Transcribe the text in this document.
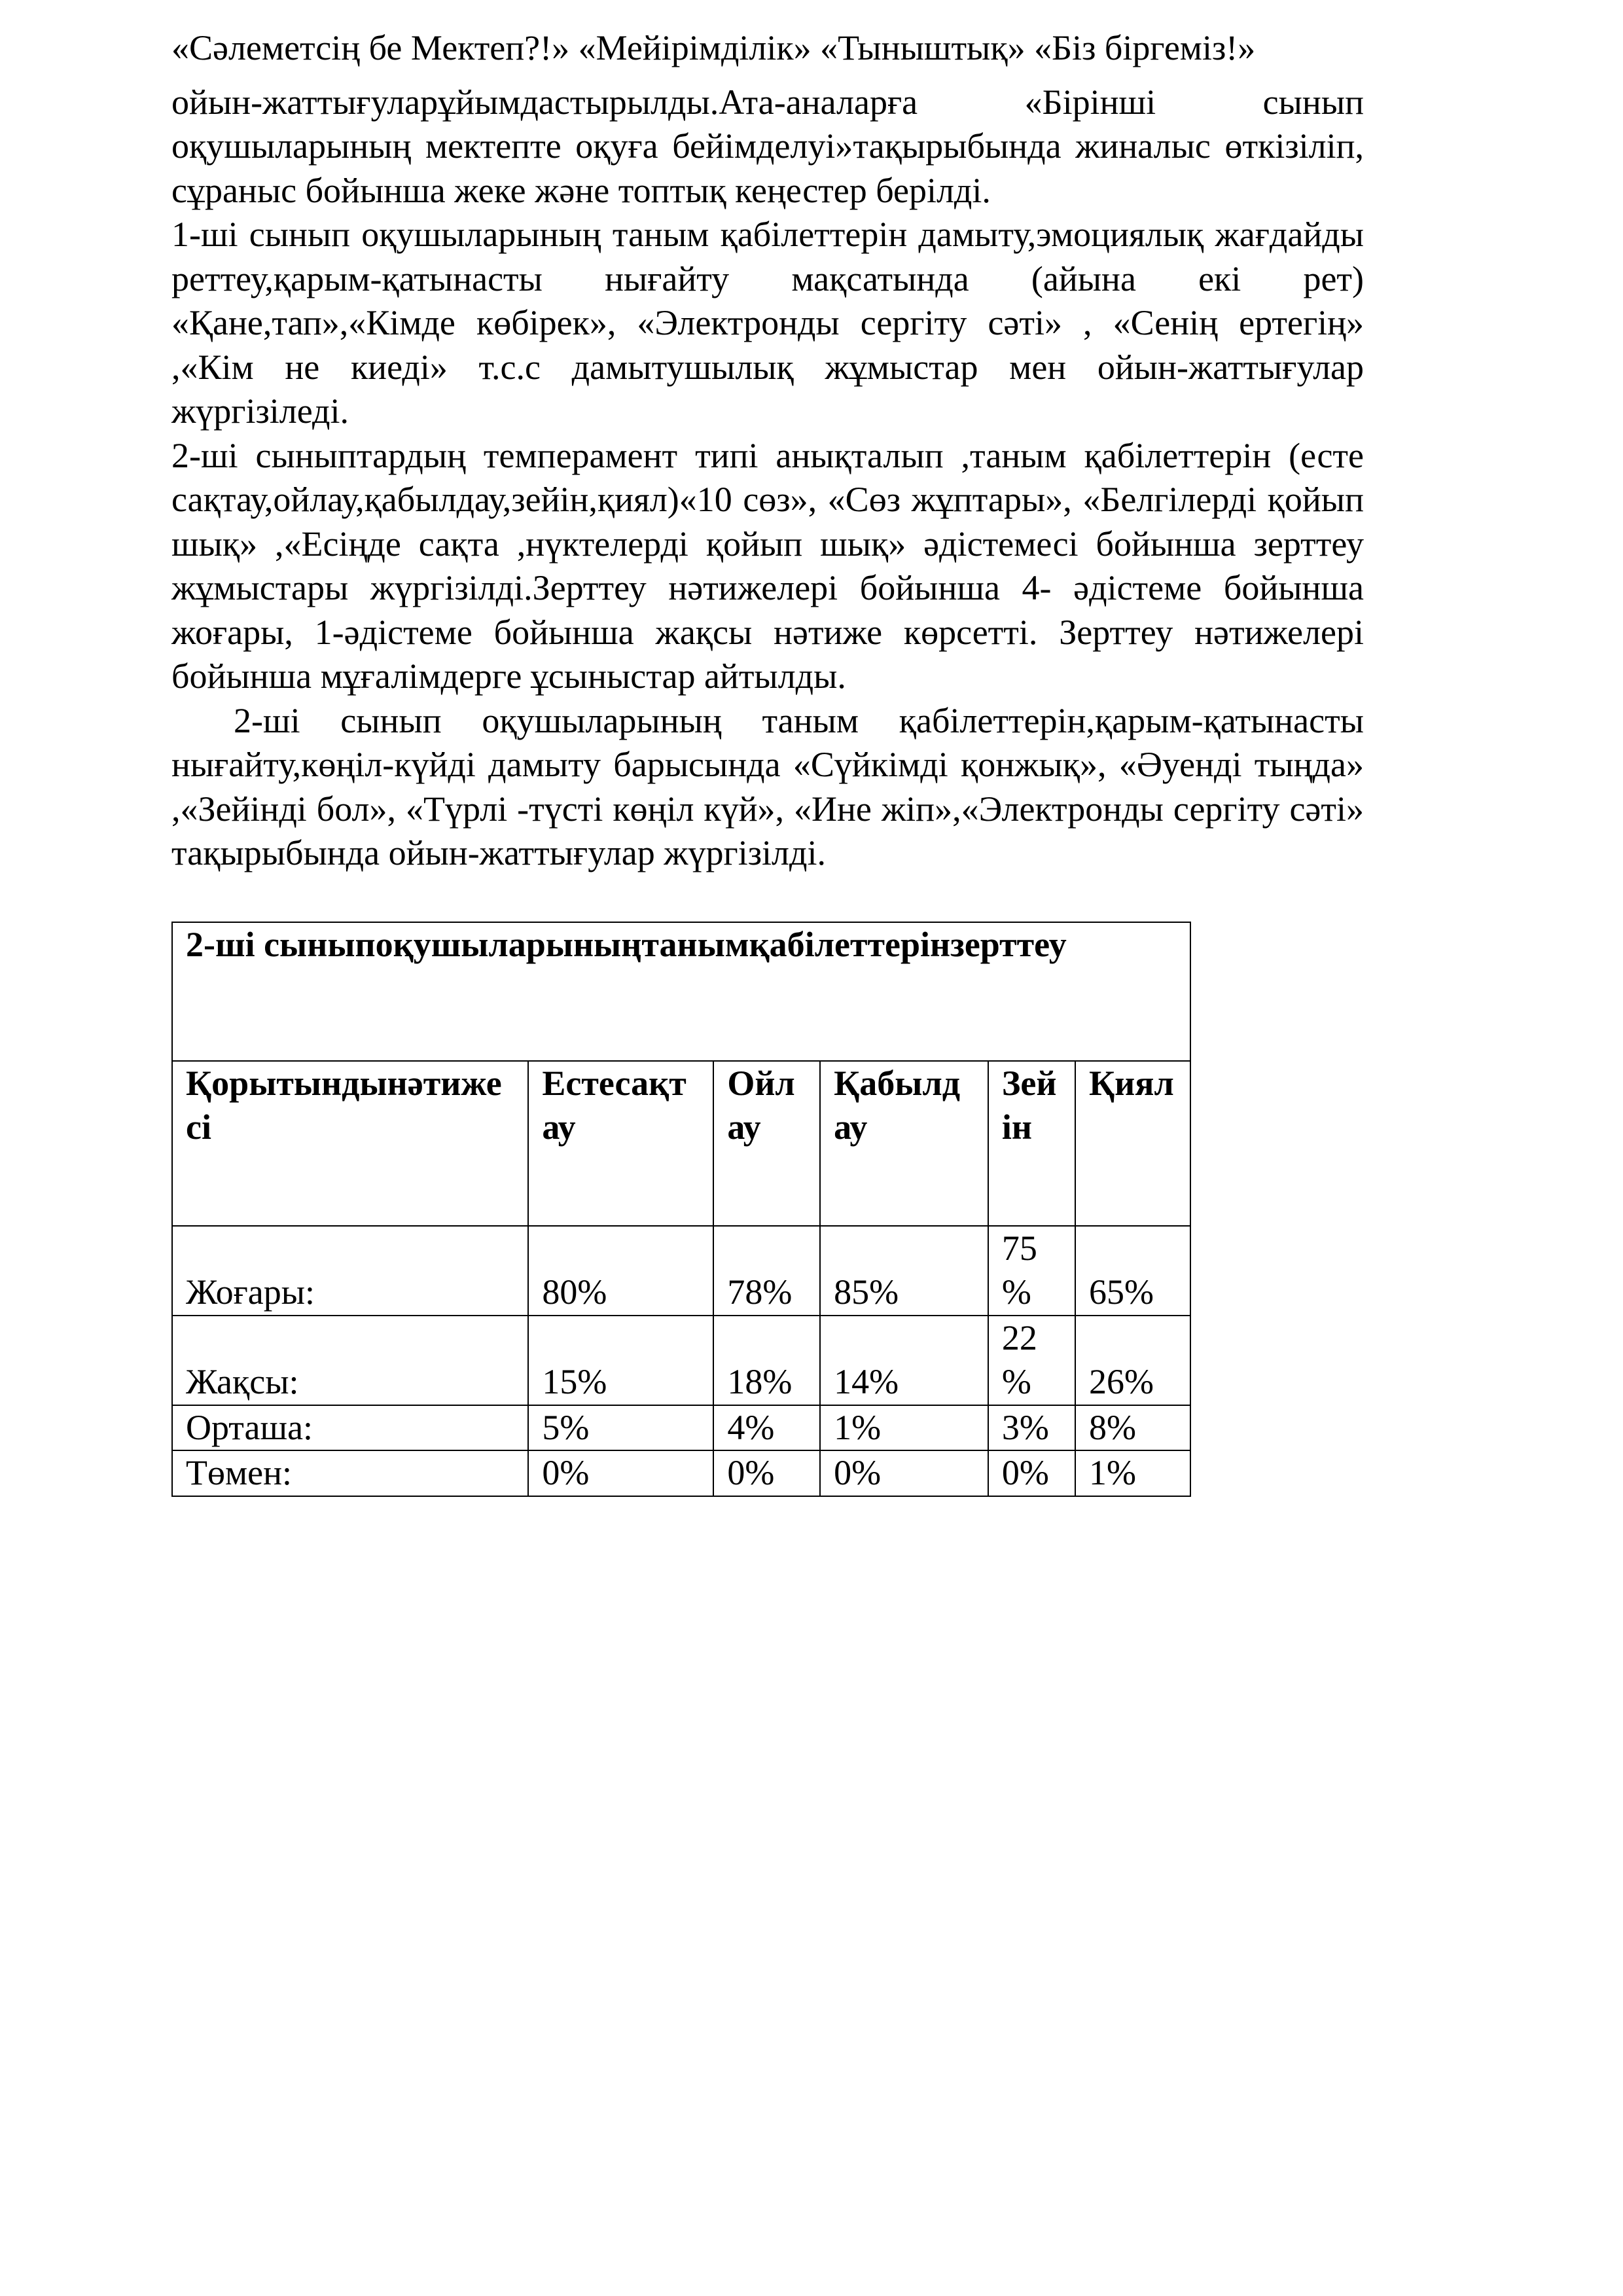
«Сәлеметсің бе Мектеп?!» «Мейірімділік» «Тыныштық» «Біз біргеміз!»

ойын-жаттығуларұйымдастырылды.Ата-аналарға «Бірінші сынып оқушыларының мектепте оқуға бейімделуі»тақырыбында жиналыс өткізіліп, сұраныс бойынша жеке және топтық кеңестер берілді.

1-ші сынып оқушыларының таным қабілеттерін дамыту,эмоциялық жағдайды реттеу,қарым-қатынасты нығайту мақсатында (айына екі рет) «Қане,тап»,«Кімде көбірек», «Электронды сергіту сәті» , «Сенің ертегің» ,«Кім не киеді» т.с.с дамытушылық жұмыстар мен ойын-жаттығулар жүргізіледі.

2-ші сыныптардың темперамент типі анықталып ,таным қабілеттерін (есте сақтау,ойлау,қабылдау,зейін,қиял)«10 сөз», «Сөз жұптары», «Белгілерді қойып шық» ,«Есіңде сақта ,нүктелерді қойып шық» әдістемесі бойынша зерттеу жұмыстары жүргізілді.Зерттеу нәтижелері бойынша 4- әдістеме бойынша жоғары, 1-әдістеме бойынша жақсы нәтиже көрсетті. Зерттеу нәтижелері бойынша мұғалімдерге ұсыныстар айтылды.

2-ші сынып оқушыларының таным қабілеттерін,қарым-қатынасты нығайту,көңіл-күйді дамыту барысында «Сүйкімді қонжық», «Әуенді тыңда» ,«Зейінді бол», «Түрлі -түсті көңіл күй», «Ине жіп»,«Электронды сергіту сәті» тақырыбында ойын-жаттығулар жүргізілді.

2-ші сыныпоқушыларыныңтанымқабілеттерінзерттеу					
Қорытындынәтижесі	Естесақтау	Ойлау	Қабылдау	Зейін	Қиял
Жоғары:	80%	78%	85%	75%	65%
Жақсы:	15%	18%	14%	22%	26%
Орташа:	5%	4%	1%	3%	8%
Төмен:	0%	0%	0%	0%	1%
